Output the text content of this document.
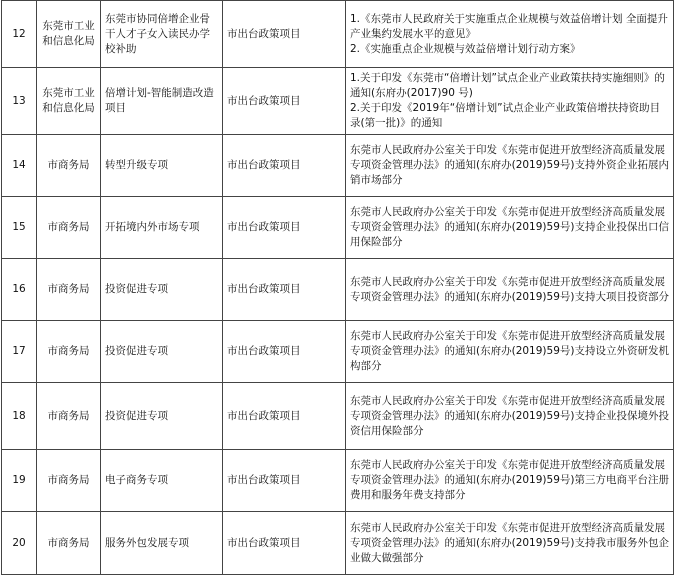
12	东莞市工业和信息化局	东莞市协同倍增企业骨干人才子女入读民办学校补助	市出台政策项目	1.《东莞市人民政府关于实施重点企业规模与效益倍增计划 全面提升产业集约发展水平的意见》
2.《实施重点企业规模与效益倍增计划行动方案》

13	东莞市工业和信息化局	倍增计划-智能制造改造项目	市出台政策项目	1.关于印发《东莞市“倍增计划”试点企业产业政策扶持实施细则》的通知(东府办(2017)90 号)
2.关于印发《2019年“倍增计划”试点企业产业政策倍增扶持资助目录(第一批)》的通知

14	市商务局	转型升级专项	市出台政策项目	东莞市人民政府办公室关于印发《东莞市促进开放型经济高质量发展专项资金管理办法》的通知(东府办(2019)59号)支持外资企业拓展内销市场部分

15	市商务局	开拓境内外市场专项	市出台政策项目	东莞市人民政府办公室关于印发《东莞市促进开放型经济高质量发展专项资金管理办法》的通知(东府办(2019)59号)支持企业投保出口信用保险部分

16	市商务局	投资促进专项	市出台政策项目	东莞市人民政府办公室关于印发《东莞市促进开放型经济高质量发展专项资金管理办法》的通知(东府办(2019)59号)支持大项目投资部分

17	市商务局	投资促进专项	市出台政策项目	东莞市人民政府办公室关于印发《东莞市促进开放型经济高质量发展专项资金管理办法》的通知(东府办(2019)59号)支持设立外资研发机构部分

18	市商务局	投资促进专项	市出台政策项目	东莞市人民政府办公室关于印发《东莞市促进开放型经济高质量发展专项资金管理办法》的通知(东府办(2019)59号)支持企业投保境外投资信用保险部分

19	市商务局	电子商务专项	市出台政策项目	东莞市人民政府办公室关于印发《东莞市促进开放型经济高质量发展专项资金管理办法》的通知(东府办(2019)59号)第三方电商平台注册费用和服务年费支持部分

20	市商务局	服务外包发展专项	市出台政策项目	东莞市人民政府办公室关于印发《东莞市促进开放型经济高质量发展专项资金管理办法》的通知(东府办(2019)59号)支持我市服务外包企业做大做强部分
